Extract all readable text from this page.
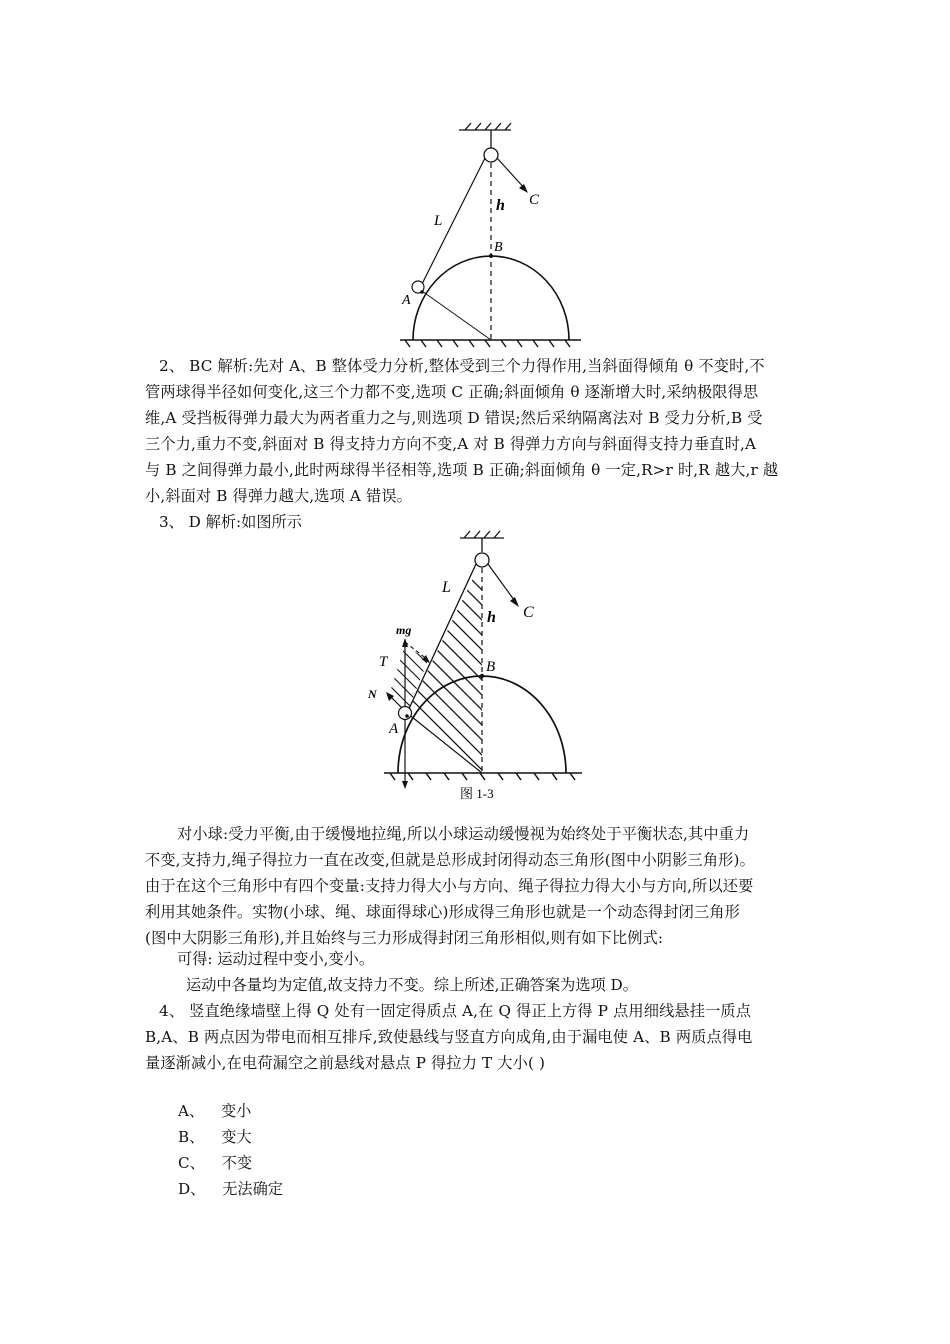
L
h C
B
A
2、 BC 解析:先对 A、B 整体受力分析,整体受到三个力得作用,当斜面得倾角 θ 不变时,不
管两球得半径如何变化,这三个力都不变,选项 C 正确;斜面倾角 θ 逐渐增大时,采纳极限得思
维,A 受挡板得弹力最大为两者重力之与,则选项 D 错误;然后采纳隔离法对 B 受力分析,B 受
三个力,重力不变,斜面对 B 得支持力方向不变,A 对 B 得弹力方向与斜面得支持力垂直时,A
与 B 之间得弹力最小,此时两球得半径相等,选项 B 正确;斜面倾角 θ 一定,R>r 时,R 越大,r 越
小,斜面对 B 得弹力越大,选项 A 错误。
3、 D 解析:如图所示
L
h C
B
A
mg
T
N
图 1-3
对小球:受力平衡,由于缓慢地拉绳,所以小球运动缓慢视为始终处于平衡状态,其中重力
不变,支持力,绳子得拉力一直在改变,但就是总形成封闭得动态三角形(图中小阴影三角形)。
由于在这个三角形中有四个变量:支持力得大小与方向、绳子得拉力得大小与方向,所以还要
利用其她条件。实物(小球、绳、球面得球心)形成得三角形也就是一个动态得封闭三角形
(图中大阴影三角形),并且始终与三力形成得封闭三角形相似,则有如下比例式:
可得: 运动过程中变小,变小。
运动中各量均为定值,故支持力不变。综上所述,正确答案为选项 D。
4、 竖直绝缘墙壁上得 Q 处有一固定得质点 A,在 Q 得正上方得 P 点用细线悬挂一质点
B,A、B 两点因为带电而相互排斥,致使悬线与竖直方向成角,由于漏电使 A、B 两质点得电
量逐渐减小,在电荷漏空之前悬线对悬点 P 得拉力 T 大小( )
A、 变小
B、 变大
C、 不变
D、 无法确定
